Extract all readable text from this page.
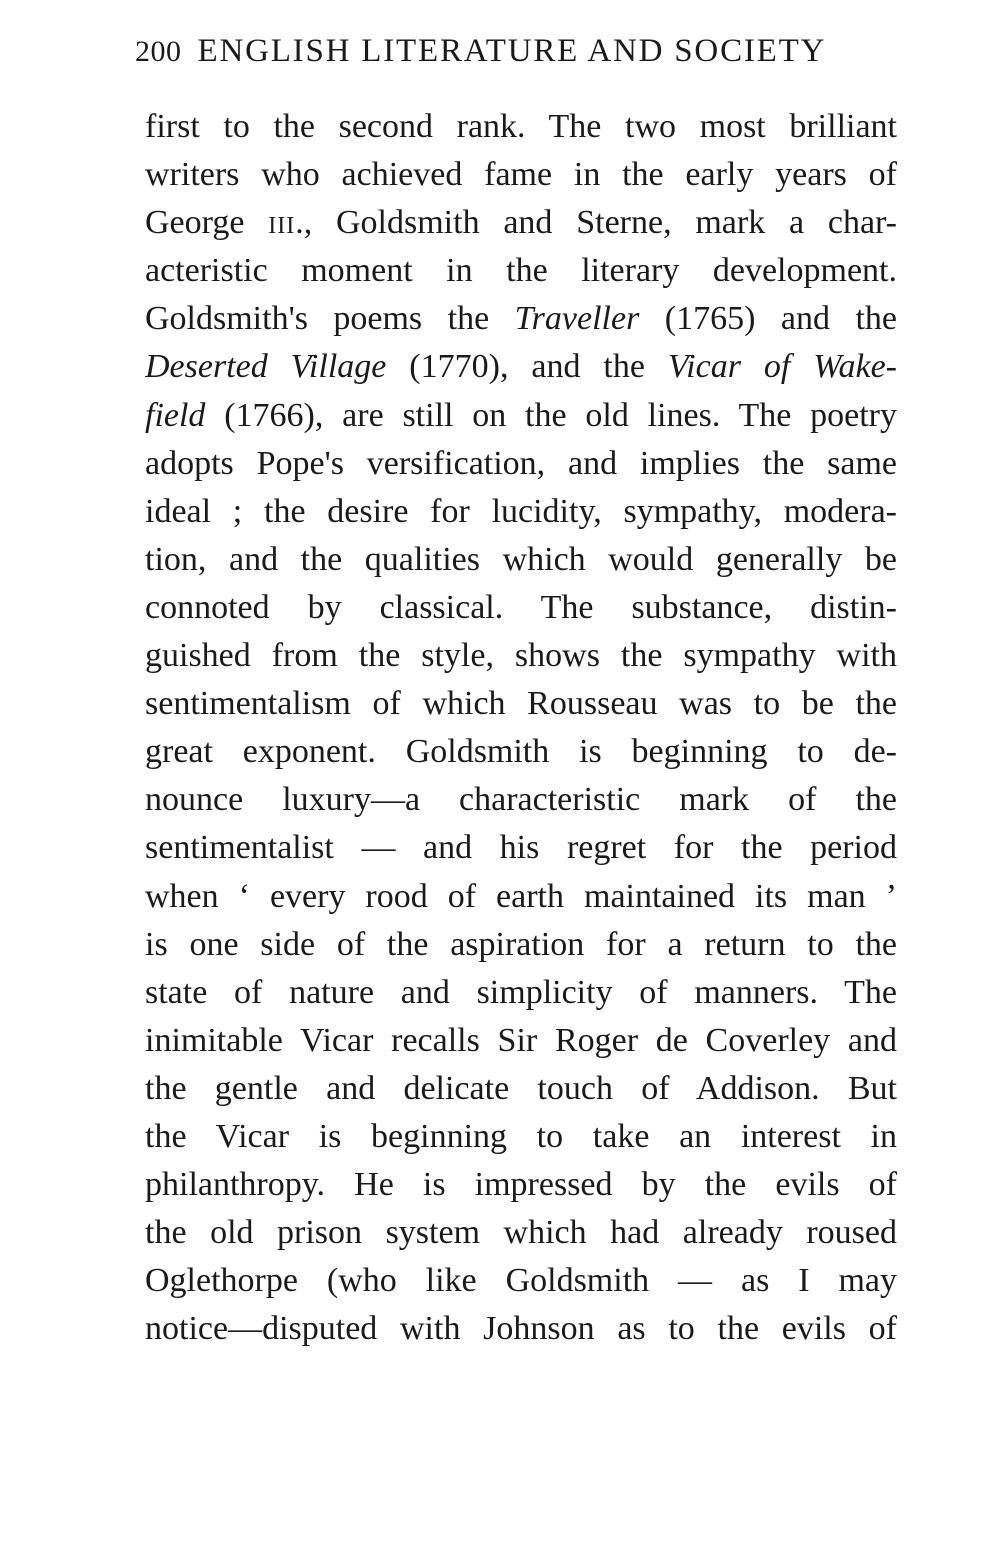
200 ENGLISH LITERATURE AND SOCIETY
first to the second rank. The two most brilliant
writers who achieved fame in the early years of
George III., Goldsmith and Sterne, mark a char-
acteristic moment in the literary development.
Goldsmith's poems the Traveller (1765) and the
Deserted Village (1770), and the Vicar of Wake-
field (1766), are still on the old lines. The poetry
adopts Pope's versification, and implies the same
ideal ; the desire for lucidity, sympathy, modera-
tion, and the qualities which would generally be
connoted by classical. The substance, distin-
guished from the style, shows the sympathy with
sentimentalism of which Rousseau was to be the
great exponent. Goldsmith is beginning to de-
nounce luxury—a characteristic mark of the
sentimentalist — and his regret for the period
when ‘ every rood of earth maintained its man ’
is one side of the aspiration for a return to the
state of nature and simplicity of manners. The
inimitable Vicar recalls Sir Roger de Coverley and
the gentle and delicate touch of Addison. But
the Vicar is beginning to take an interest in
philanthropy. He is impressed by the evils of
the old prison system which had already roused
Oglethorpe (who like Goldsmith — as I may
notice—disputed with Johnson as to the evils of
